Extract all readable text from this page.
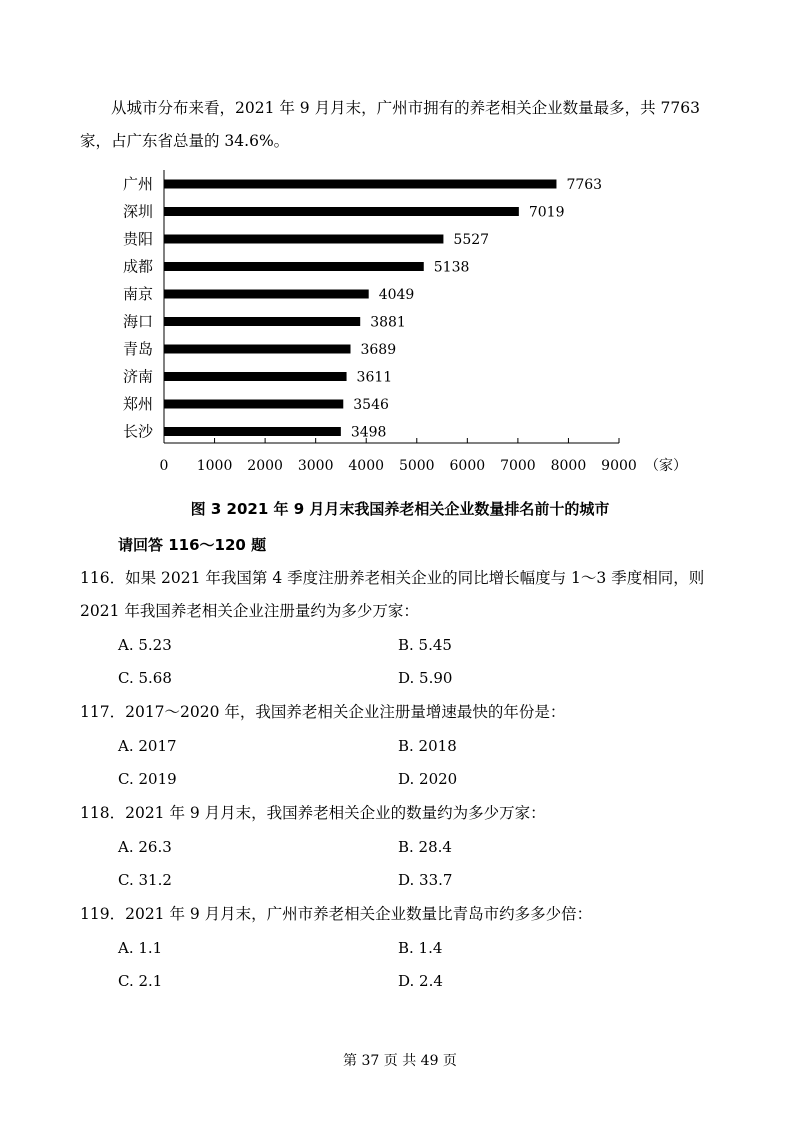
从城市分布来看，2021 年 9 月月末，广州市拥有的养老相关企业数量最多，共 7763 家，占广东省总量的 34.6%。

广州	7763
深圳	7019
贵阳	5527
成都	5138
南京	4049
海口	3881
青岛	3689
济南	3611
郑州	3546
长沙	3498
0 1000 2000 3000 4000 5000 6000 7000 8000 9000 （家）
图 3 2021 年 9 月月末我国养老相关企业数量排名前十的城市
请回答 116～120 题
116．如果 2021 年我国第 4 季度注册养老相关企业的同比增长幅度与 1～3 季度相同，则 2021 年我国养老相关企业注册量约为多少万家：
A. 5.23	B. 5.45
C. 5.68	D. 5.90
117．2017～2020 年，我国养老相关企业注册量增速最快的年份是：
A. 2017	B. 2018
C. 2019	D. 2020
118．2021 年 9 月月末，我国养老相关企业的数量约为多少万家：
A. 26.3	B. 28.4
C. 31.2	D. 33.7
119．2021 年 9 月月末，广州市养老相关企业数量比青岛市约多多少倍：
A. 1.1	B. 1.4
C. 2.1	D. 2.4
第 37 页 共 49 页
